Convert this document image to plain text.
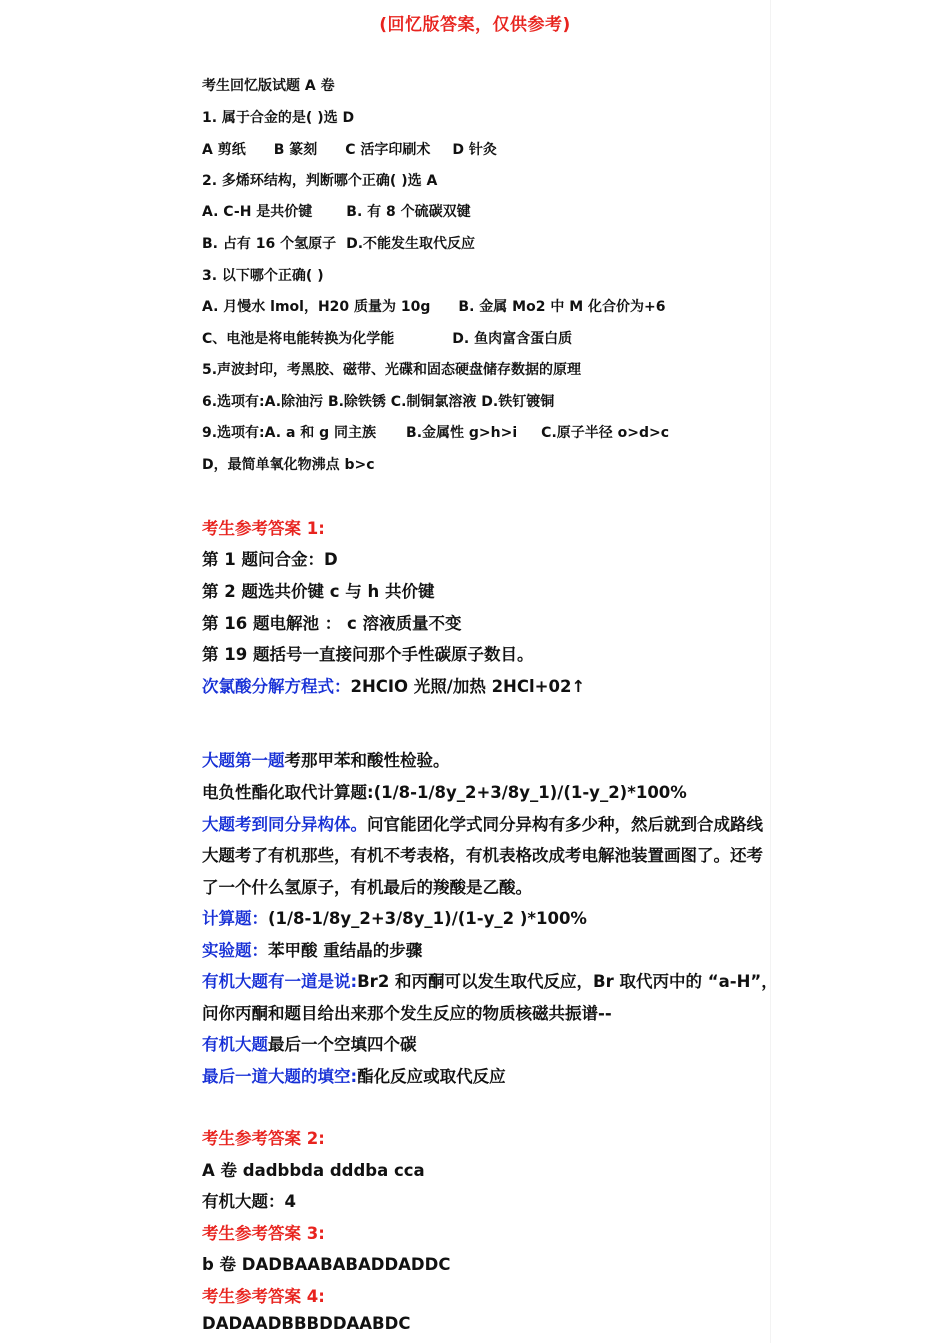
(回忆版答案，仅供参考)
考生回忆版试题 A 卷
1. 属于合金的是( )选 D
A 剪纸 B 篆刻 C 活字印刷术 D 针灸
2. 多烯环结构，判断哪个正确( )选 A
A. C-H 是共价键 B. 有 8 个硫碳双键
B. 占有 16 个氢原子 D.不能发生取代反应
3. 以下哪个正确( )
A. 月慢水 lmol，H20 质量为 10g B. 金属 Mo2 中 M 化合价为+6
C、电池是将电能转换为化学能	D. 鱼肉富含蛋白质
5.声波封印，考黑胶、磁带、光碟和固态硬盘储存数据的原理
6.选项有:A.除油污 B.除铁锈 C.制铜氯溶液 D.铁钉镀铜
9.选项有:A. a 和 g 同主族 B.金属性 g>h>i C.原子半径 o>d>c
D，最简单氧化物沸点 b>c
考生参考答案 1:
第 1 题问合金：D
第 2 题选共价键 c 与 h 共价键
第 16 题电解池 ： c 溶液质量不变
第 19 题括号一直接问那个手性碳原子数目。
次氯酸分解方程式：2HCIO 光照/加热 2HCl+02↑
大题第一题考那甲苯和酸性检验。
电负性酯化取代计算题:(1/8-1/8y_2+3/8y_1)/(1-y_2)*100%
大题考到同分异构体。问官能团化学式同分异构有多少种，然后就到合成路线
大题考了有机那些，有机不考表格，有机表格改成考电解池装置画图了。还考
了一个什么氢原子，有机最后的羧酸是乙酸。
计算题：(1/8-1/8y_2+3/8y_1)/(1-y_2 )*100%
实验题：苯甲酸 重结晶的步骤
有机大题有一道是说:Br2 和丙酮可以发生取代反应，Br 取代丙中的 “a-H”，
问你丙酮和题目给出来那个发生反应的物质核磁共振谱--
有机大题最后一个空填四个碳
最后一道大题的填空:酯化反应或取代反应
考生参考答案 2:
A 卷 dadbbda dddba cca
有机大题：4
考生参考答案 3:
b 卷 DADBAABABADDADDC
考生参考答案 4:
DADAADBBBDDAABDC
